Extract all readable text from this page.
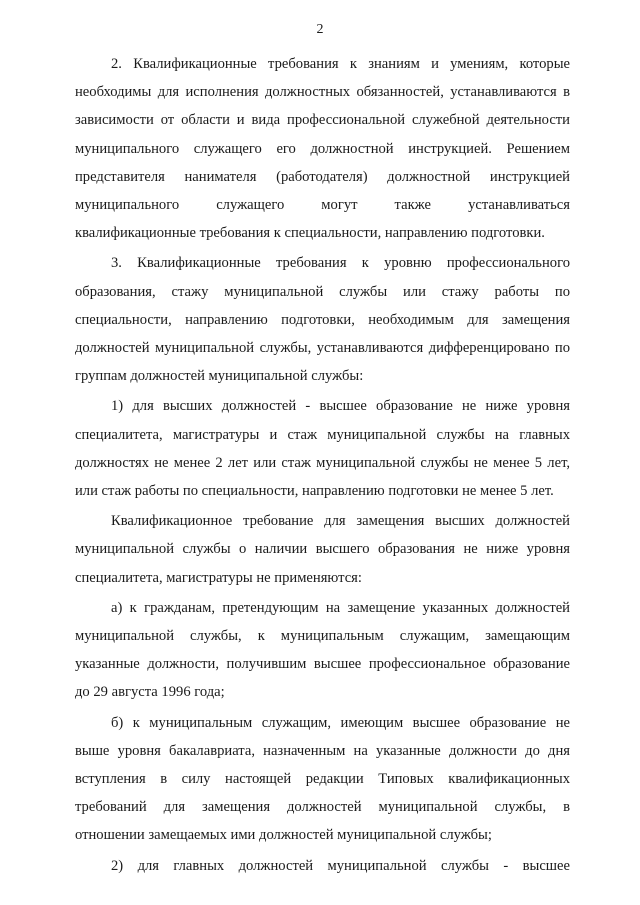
2

2. Квалификационные требования к знаниям и умениям, которые
необходимы для исполнения должностных обязанностей, устанавливаются в
зависимости от области и вида профессиональной служебной деятельности
муниципального служащего его должностной инструкцией. Решением
представителя нанимателя (работодателя) должностной инструкцией
муниципального служащего могут также устанавливаться
квалификационные требования к специальности, направлению подготовки.

3. Квалификационные требования к уровню профессионального
образования, стажу муниципальной службы или стажу работы по
специальности, направлению подготовки, необходимым для замещения
должностей муниципальной службы, устанавливаются дифференцировано по
группам должностей муниципальной службы:

1) для высших должностей - высшее образование не ниже уровня
специалитета, магистратуры и стаж муниципальной службы на главных
должностях не менее 2 лет или стаж муниципальной службы не менее 5 лет,
или стаж работы по специальности, направлению подготовки не менее 5 лет.

Квалификационное требование для замещения высших должностей
муниципальной службы о наличии высшего образования не ниже уровня
специалитета, магистратуры не применяются:

а) к гражданам, претендующим на замещение указанных должностей
муниципальной службы, к муниципальным служащим, замещающим
указанные должности, получившим высшее профессиональное образование
до 29 августа 1996 года;

б) к муниципальным служащим, имеющим высшее образование не
выше уровня бакалавриата, назначенным на указанные должности до дня
вступления в силу настоящей редакции Типовых квалификационных
требований для замещения должностей муниципальной службы, в
отношении замещаемых ими должностей муниципальной службы;

2) для главных должностей муниципальной службы - высшее
